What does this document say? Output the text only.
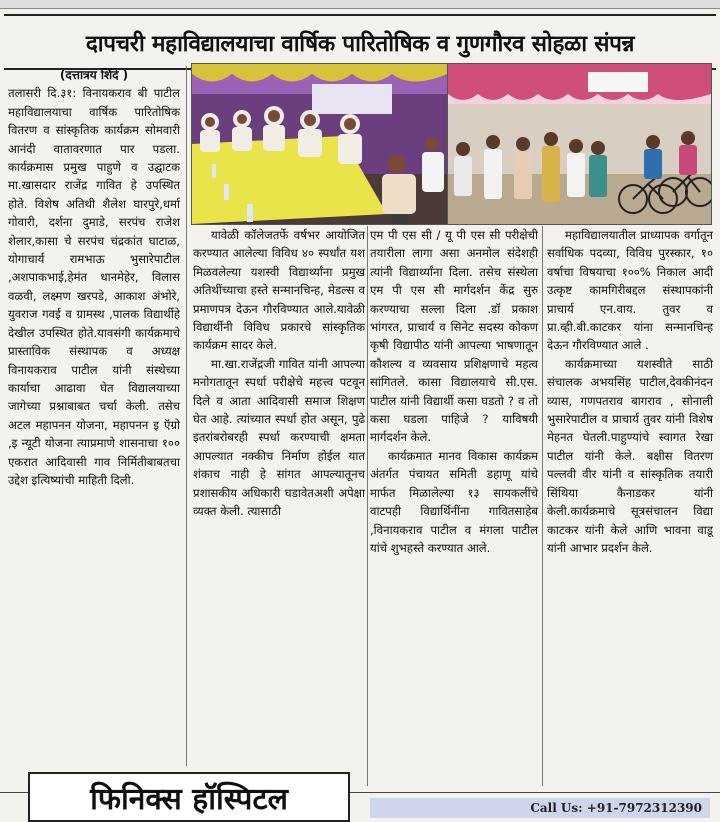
दापचरी महाविद्यालयाचा वार्षिक पारितोषिक व गुणगौरव सोहळा संपन्न

(दत्तात्रय शिंदे )

तलासरी दि.३१: विनायकराव बी पाटील महाविद्यालयाचा वार्षिक पारितोषिक वितरण व सांस्कृतिक कार्यक्रम सोमवारी आनंदी वातावरणात पार पडला. कार्यक्रमास प्रमुख पाहुणे व उद्घाटक मा.खासदार राजेंद्र गावित हे उपस्थित होते. विशेष अतिथी शैलेश घारपुरे,धर्मा गोवारी, दर्शना दुमाडे, सरपंच राजेश शेलार,कासा चे सरपंच चंद्रकांत घाटाळ, योगाचार्य रामभाऊ भुसारेपाटील ,अशपाकभाई,हेमंत धानमेहेर, विलास वळवी, लक्ष्मण खरपडे, आकाश अंभोरे, युवराज गवई व ग्रामस्थ ,पालक विद्यार्थीहे देखील उपस्थित होते.यावसंगी कार्यक्रमाचे प्रास्ताविक संस्थापक व अध्यक्ष विनायकराव पाटील यांनी संस्थेच्या कार्याचा आढावा घेत विद्यालयाच्या जागेच्या प्रश्नाबाबत चर्चा केली. तसेच अटल महापनन योजना, महापनन इ ऍग्रो ,इ न्यूटी योजना त्याप्रमाणे शासनाचा १०० एकरात आदिवासी गाव निर्मितीबाबतचा उद्देश इत्यिष्यांची माहिती दिली.

यावेळी कॉलेजतर्फे वर्षभर आयोजित करण्यात आलेल्या विविध ४० स्पर्धांत यश मिळवलेल्या यशस्वी विद्यार्थ्यांना प्रमुख अतिथींच्याचा हस्ते सन्मानचिन्ह, मेडल्स व प्रमाणपत्र देऊन गौरविण्यात आले.यावेळी विद्यार्थीनी विविध प्रकारचे सांस्कृतिक कार्यक्रम सादर केले.

मा.खा.राजेंद्रजी गावित यांनी आपल्या मनोगतातून स्पर्धा परीक्षेचे महत्त्व पटवून दिले व आता आदिवासी समाज शिक्षण घेत आहे. त्यांच्यात स्पर्धा होत असून, पुढे इतरांबरोबरही स्पर्धा करण्याची क्षमता आपल्यात नक्कीच निर्माण होईल यात शंकाच नाही हे सांगत आपल्यातूनच प्रशासकीय अधिकारी घडावेतअशी अपेक्षा व्यक्त केली. त्यासाठी

एम पी एस सी / यू पी एस सी परीक्षेची तयारीला लागा असा अनमोल संदेशही त्यांनी विद्यार्थ्यांना दिला. तसेच संस्थेला एम पी एस सी मार्गदर्शन केंद्र सुरु करण्याचा सल्ला दिला .डॉ प्रकाश भांगरत, प्राचार्य व सिनेट सदस्य कोकण कृषी विद्यापीठ यांनी आपल्या भाषणातून कौशल्य व व्यवसाय प्रशिक्षणाचे महत्व सांगितले. कासा विद्यालयाचे सी.एस. पाटील यांनी विद्यार्थी कसा घडतो ? व तो कसा घडला पाहिजे ? याविषयी मार्गदर्शन केले.

कार्यक्रमात मानव विकास कार्यक्रम अंतर्गत पंचायत समिती डहाणू यांचे मार्फत मिळालेल्या १३ सायकलींचे वाटपही विद्यार्थिनींना गावितसाहेब ,विनायकराव पाटील व मंगला पाटील यांचे शुभहस्ते करण्यात आले.

महाविद्यालयातील प्राध्यापक वर्गातून सर्वाधिक पदव्या, विविध पुरस्कार, १० वर्षाचा विषयाचा १००% निकाल आदी उत्कृष्ट कामगिरीबद्दल संस्थापकांनी प्राचार्य एन.वाय. तुवर व प्रा.व्ही.बी.काटकर यांना सन्मानचिन्ह देऊन गौरविण्यात आले .

कार्यक्रमाच्या यशस्वीते साठी संचालक अभयसिंह पाटील,देवकीनंदन व्यास, गणपतराव बागराव , सोनाली भुसारेपाटील व प्राचार्य तुवर यांनी विशेष मेहनत घेतली.पाहुण्यांचे स्वागत रेखा पाटील यांनी केले. बक्षीस वितरण पल्लवी वीर यांनी व सांस्कृतिक तयारी सिंथिया कैनाडकर यांनी केली.कार्यक्रमाचे सूत्रसंचालन विद्या काटकर यांनी केले आणि भावना वाडू यांनी आभार प्रदर्शन केले.

फिनिक्स हॉस्पिटल	Call Us: +91-7972312390
